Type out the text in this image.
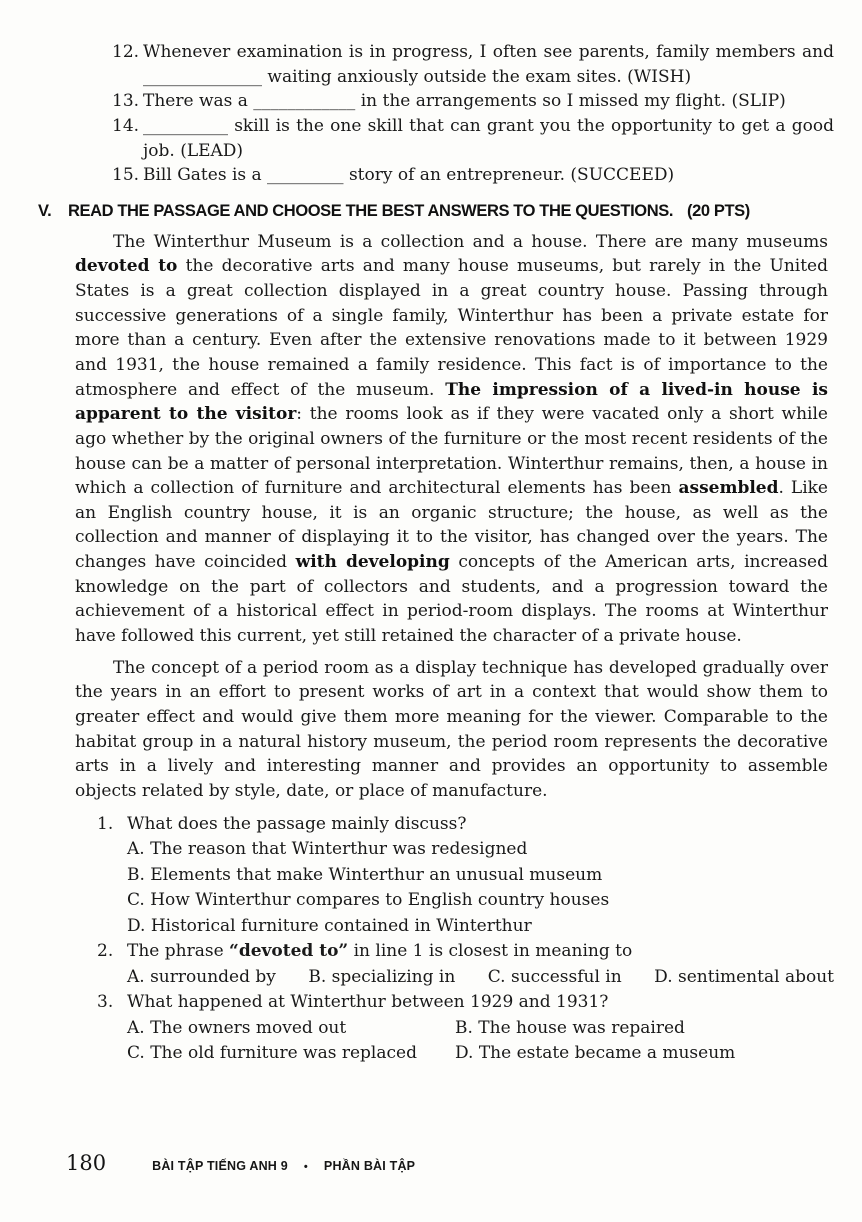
12. Whenever examination is in progress, I often see parents, family members and ______________ waiting anxiously outside the exam sites. (WISH)
13. There was a ____________ in the arrangements so I missed my flight. (SLIP)
14. __________ skill is the one skill that can grant you the opportunity to get a good job. (LEAD)
15. Bill Gates is a _________ story of an entrepreneur. (SUCCEED)
V.	READ THE PASSAGE AND CHOOSE THE BEST ANSWERS TO THE QUESTIONS. (20 PTS)

The Winterthur Museum is a collection and a house. There are many museums devoted to the decorative arts and many house museums, but rarely in the United States is a great collection displayed in a great country house. Passing through successive generations of a single family, Winterthur has been a private estate for more than a century. Even after the extensive renovations made to it between 1929 and 1931, the house remained a family residence. This fact is of importance to the atmosphere and effect of the museum. The impression of a lived-in house is apparent to the visitor: the rooms look as if they were vacated only a short while ago whether by the original owners of the furniture or the most recent residents of the house can be a matter of personal interpretation. Winterthur remains, then, a house in which a collection of furniture and architectural elements has been assembled. Like an English country house, it is an organic structure; the house, as well as the collection and manner of displaying it to the visitor, has changed over the years. The changes have coincided with developing concepts of the American arts, increased knowledge on the part of collectors and students, and a progression toward the achievement of a historical effect in period-room displays. The rooms at Winterthur have followed this current, yet still retained the character of a private house.

The concept of a period room as a display technique has developed gradually over the years in an effort to present works of art in a context that would show them to greater effect and would give them more meaning for the viewer. Comparable to the habitat group in a natural history museum, the period room represents the decorative arts in a lively and interesting manner and provides an opportunity to assemble objects related by style, date, or place of manufacture.

1. What does the passage mainly discuss?
A. The reason that Winterthur was redesigned
B. Elements that make Winterthur an unusual museum
C. How Winterthur compares to English country houses
D. Historical furniture contained in Winterthur
2. The phrase “devoted to” in line 1 is closest in meaning to
A. surrounded by B. specializing in C. successful in D. sentimental about
3. What happened at Winterthur between 1929 and 1931?
A. The owners moved out	B. The house was repaired
C. The old furniture was replaced	D. The estate became a museum
180	BÀI TẬP TIẾNG ANH 9 • PHẦN BÀI TẬP
